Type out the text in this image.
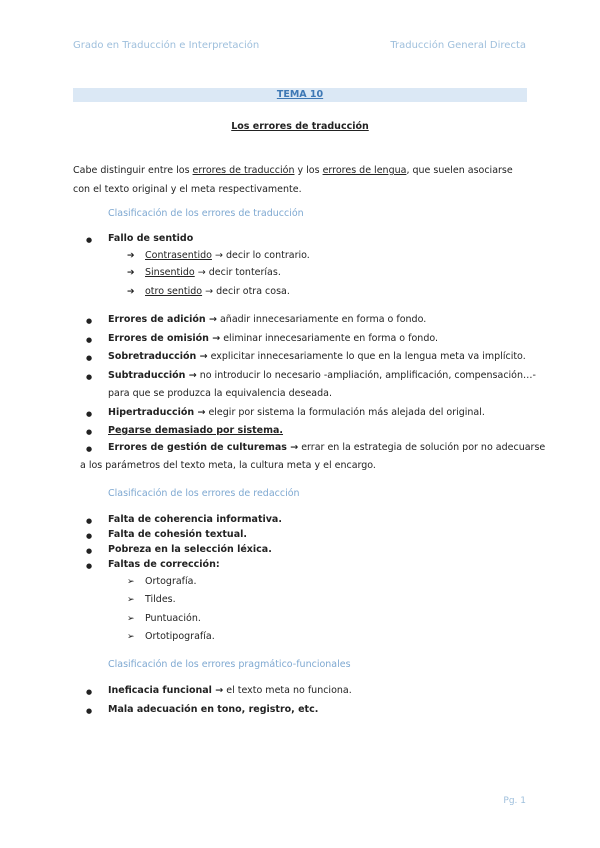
Grado en Traducción e Interpretación	Traducción General Directa
TEMA 10
Los errores de traducción
Cabe distinguir entre los errores de traducción y los errores de lengua, que suelen asociarse con el texto original y el meta respectivamente.
Clasificación de los errores de traducción
● Fallo de sentido
➔ Contrasentido → decir lo contrario.
➔ Sinsentido → decir tonterías.
➔ otro sentido → decir otra cosa.
● Errores de adición → añadir innecesariamente en forma o fondo.
● Errores de omisión → eliminar innecesariamente en forma o fondo.
● Sobretraducción → explicitar innecesariamente lo que en la lengua meta va implícito.
● Subtraducción → no introducir lo necesario -ampliación, amplificación, compensación…-
para que se produzca la equivalencia deseada.
● Hipertraducción → elegir por sistema la formulación más alejada del original.
● Pegarse demasiado por sistema.
● Errores de gestión de culturemas → errar en la estrategia de solución por no adecuarse
a los parámetros del texto meta, la cultura meta y el encargo.
Clasificación de los errores de redacción
● Falta de coherencia informativa.
● Falta de cohesión textual.
● Pobreza en la selección léxica.
● Faltas de corrección:
➢ Ortografía.
➢ Tildes.
➢ Puntuación.
➢ Ortotipografía.
Clasificación de los errores pragmático-funcionales
● Ineficacia funcional → el texto meta no funciona.
● Mala adecuación en tono, registro, etc.
Pg. 1
